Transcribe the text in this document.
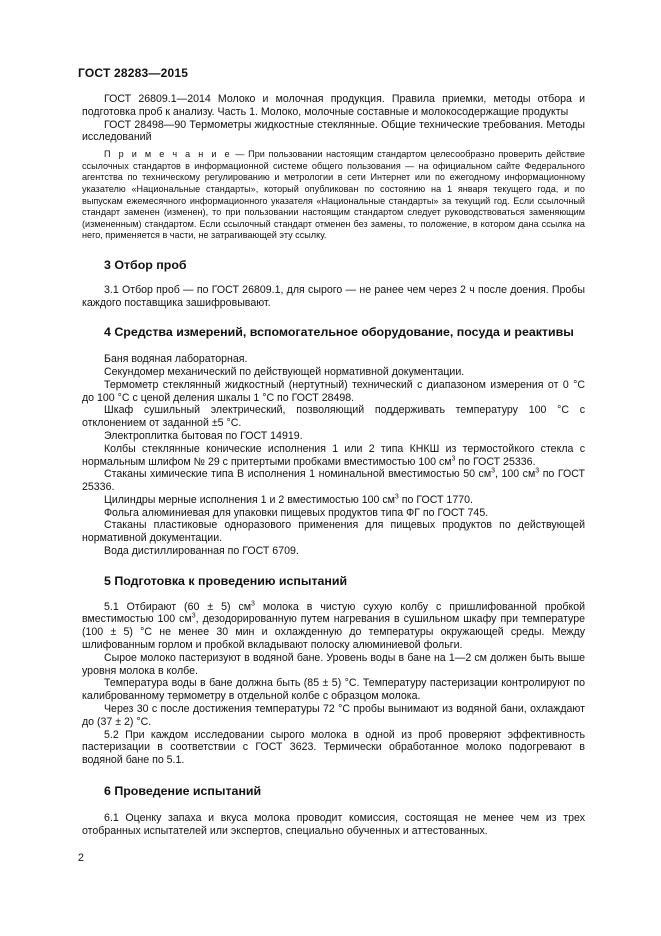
ГОСТ 28283—2015

ГОСТ 26809.1—2014 Молоко и молочная продукция. Правила приемки, методы отбора и подготовка проб к анализу. Часть 1. Молоко, молочные составные и молокосодержащие продукты

ГОСТ 28498—90 Термометры жидкостные стеклянные. Общие технические требования. Методы исследований

П р и м е ч а н и е — При пользовании настоящим стандартом целесообразно проверить действие ссылочных стандартов в информационной системе общего пользования — на официальном сайте Федерального агентства по техническому регулированию и метрологии в сети Интернет или по ежегодному информационному указателю «Национальные стандарты», который опубликован по состоянию на 1 января текущего года, и по выпускам ежемесячного информационного указателя «Национальные стандарты» за текущий год. Если ссылочный стандарт заменен (изменен), то при пользовании настоящим стандартом следует руководствоваться заменяющим (измененным) стандартом. Если ссылочный стандарт отменен без замены, то положение, в котором дана ссылка на него, применяется в части, не затрагивающей эту ссылку.

3 Отбор проб

3.1 Отбор проб — по ГОСТ 26809.1, для сырого — не ранее чем через 2 ч после доения. Пробы каждого поставщика зашифровывают.

4 Средства измерений, вспомогательное оборудование, посуда и реактивы

Баня водяная лабораторная.

Секундомер механический по действующей нормативной документации.

Термометр стеклянный жидкостный (нертутный) технический с диапазоном измерения от 0 °С до 100 °С с ценой деления шкалы 1 °С по ГОСТ 28498.

Шкаф сушильный электрический, позволяющий поддерживать температуру 100 °С с отклонением от заданной ±5 °С.

Электроплитка бытовая по ГОСТ 14919.

Колбы стеклянные конические исполнения 1 или 2 типа КНКШ из термостойкого стекла с нормальным шлифом № 29 с притертыми пробками вместимостью 100 $см^3$ по ГОСТ 25336.

Стаканы химические типа В исполнения 1 номинальной вместимостью 50 $см^3$, 100 $см^3$ по ГОСТ 25336.

Цилиндры мерные исполнения 1 и 2 вместимостью 100 $см^3$ по ГОСТ 1770.

Фольга алюминиевая для упаковки пищевых продуктов типа ФГ по ГОСТ 745.

Стаканы пластиковые одноразового применения для пищевых продуктов по действующей нормативной документации.

Вода дистиллированная по ГОСТ 6709.

5 Подготовка к проведению испытаний

5.1 Отбирают (60 ± 5) $см^3$ молока в чистую сухую колбу с пришлифованной пробкой вместимостью 100 $см^3$, дезодорированную путем нагревания в сушильном шкафу при температуре (100 ± 5) °С не менее 30 мин и охлажденную до температуры окружающей среды. Между шлифованным горлом и пробкой вкладывают полоску алюминиевой фольги.

Сырое молоко пастеризуют в водяной бане. Уровень воды в бане на 1—2 см должен быть выше уровня молока в колбе.

Температура воды в бане должна быть (85 ± 5) °С. Температуру пастеризации контролируют по калиброванному термометру в отдельной колбе с образцом молока.

Через 30 с после достижения температуры 72 °С пробы вынимают из водяной бани, охлаждают до (37 ± 2) °С.

5.2 При каждом исследовании сырого молока в одной из проб проверяют эффективность пастеризации в соответствии с ГОСТ 3623. Термически обработанное молоко подогревают в водяной бане по 5.1.

6 Проведение испытаний

6.1 Оценку запаха и вкуса молока проводит комиссия, состоящая не менее чем из трех отобранных испытателей или экспертов, специально обученных и аттестованных.

2
